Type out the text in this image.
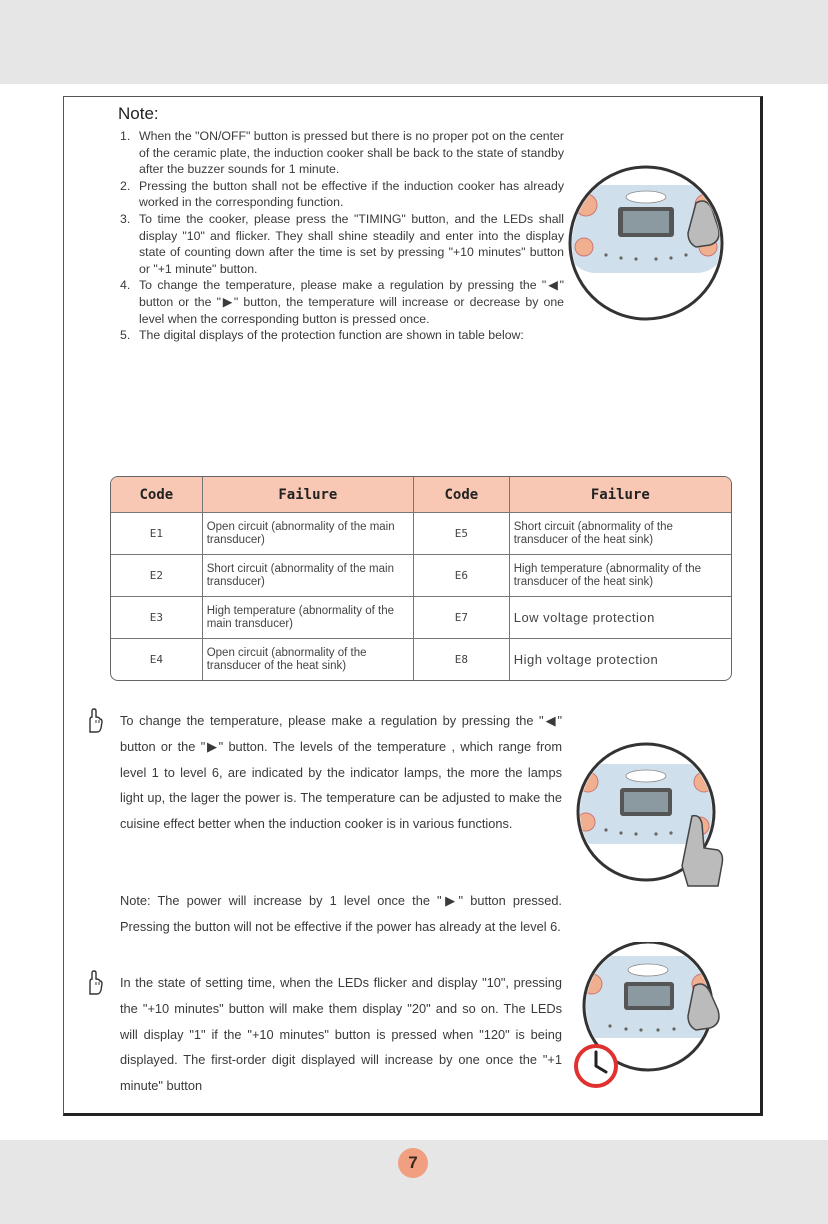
Note:
1. When the "ON/OFF" button is pressed but there is no proper pot on the center of the ceramic plate, the induction cooker shall be back to the state of standby after the buzzer sounds for 1 minute.
2. Pressing the button shall not be effective if the induction cooker has already worked in the corresponding function.
3. To time the cooker, please press the "TIMING" button, and the LEDs shall display "10" and flicker. They shall shine steadily and enter into the display state of counting down after the time is set by pressing "+10 minutes" button or "+1 minute" button.
4. To change the temperature, please make a regulation by pressing the "◀" button or the "▶" button, the temperature will increase or decrease by one level when the corresponding button is pressed once.
5. The digital displays of the protection function are shown in table below:
Code	Failure	Code	Failure
E1	Open circuit (abnormality of the main transducer)	E5	Short circuit (abnormality of the transducer of the heat sink)
E2	Short circuit (abnormality of the main transducer)	E6	High temperature (abnormality of the transducer of the heat sink)
E3	High temperature (abnormality of the main transducer)	E7	Low voltage protection
E4	Open circuit (abnormality of the transducer of the heat sink)	E8	High voltage protection

To change the temperature, please make a regulation by pressing the "◀" button or the "▶" button. The levels of the temperature , which range from level 1 to level 6, are indicated by the indicator lamps, the more the lamps light up, the lager the power is. The temperature can be adjusted to make the cuisine effect better when the induction cooker is in various functions.

Note: The power will increase by 1 level once the "▶" button pressed. Pressing the button will not be effective if the power has already at the level 6.

In the state of setting time, when the LEDs flicker and display "10", pressing the "+10 minutes" button will make them display "20" and so on. The LEDs will display "1" if the "+10 minutes" button is pressed when "120" is being displayed. The first-order digit displayed will increase by one once the "+1 minute" button

7
